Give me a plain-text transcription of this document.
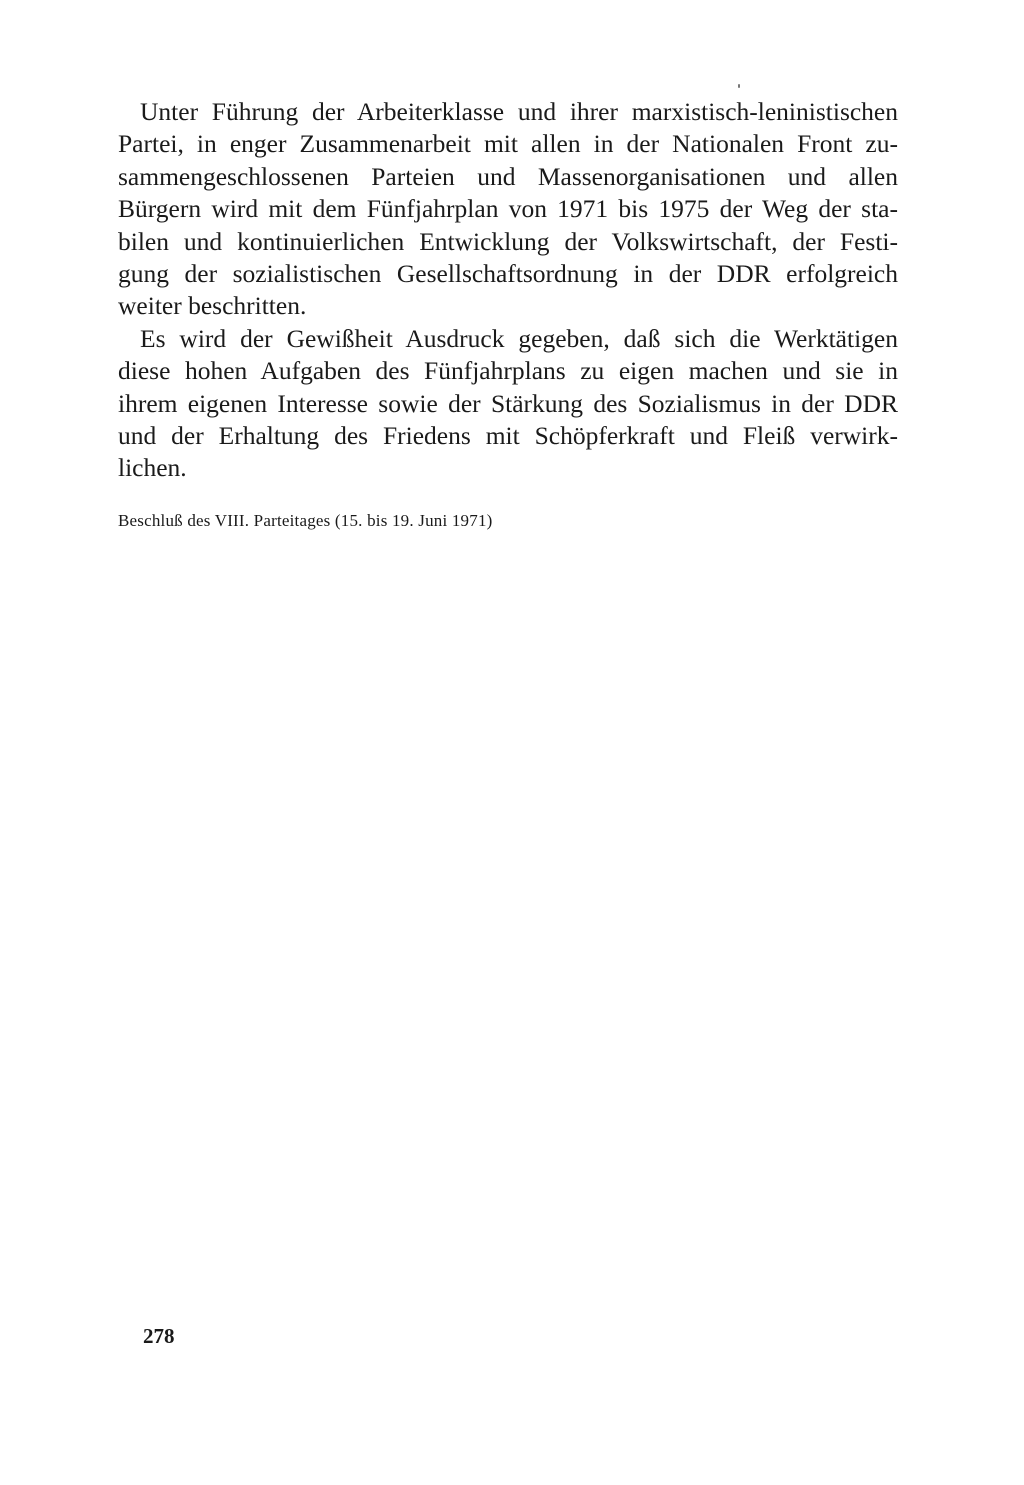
Unter Führung der Arbeiterklasse und ihrer marxistisch-leninistischen
Partei, in enger Zusammenarbeit mit allen in der Nationalen Front zu-
sammengeschlossenen Parteien und Massenorganisationen und allen
Bürgern wird mit dem Fünfjahrplan von 1971 bis 1975 der Weg der sta-
bilen und kontinuierlichen Entwicklung der Volkswirtschaft, der Festi-
gung der sozialistischen Gesellschaftsordnung in der DDR erfolgreich
weiter beschritten.
Es wird der Gewißheit Ausdruck gegeben, daß sich die Werktätigen
diese hohen Aufgaben des Fünfjahrplans zu eigen machen und sie in
ihrem eigenen Interesse sowie der Stärkung des Sozialismus in der DDR
und der Erhaltung des Friedens mit Schöpferkraft und Fleiß verwirk-
lichen.
Beschluß des VIII. Parteitages (15. bis 19. Juni 1971)
278
